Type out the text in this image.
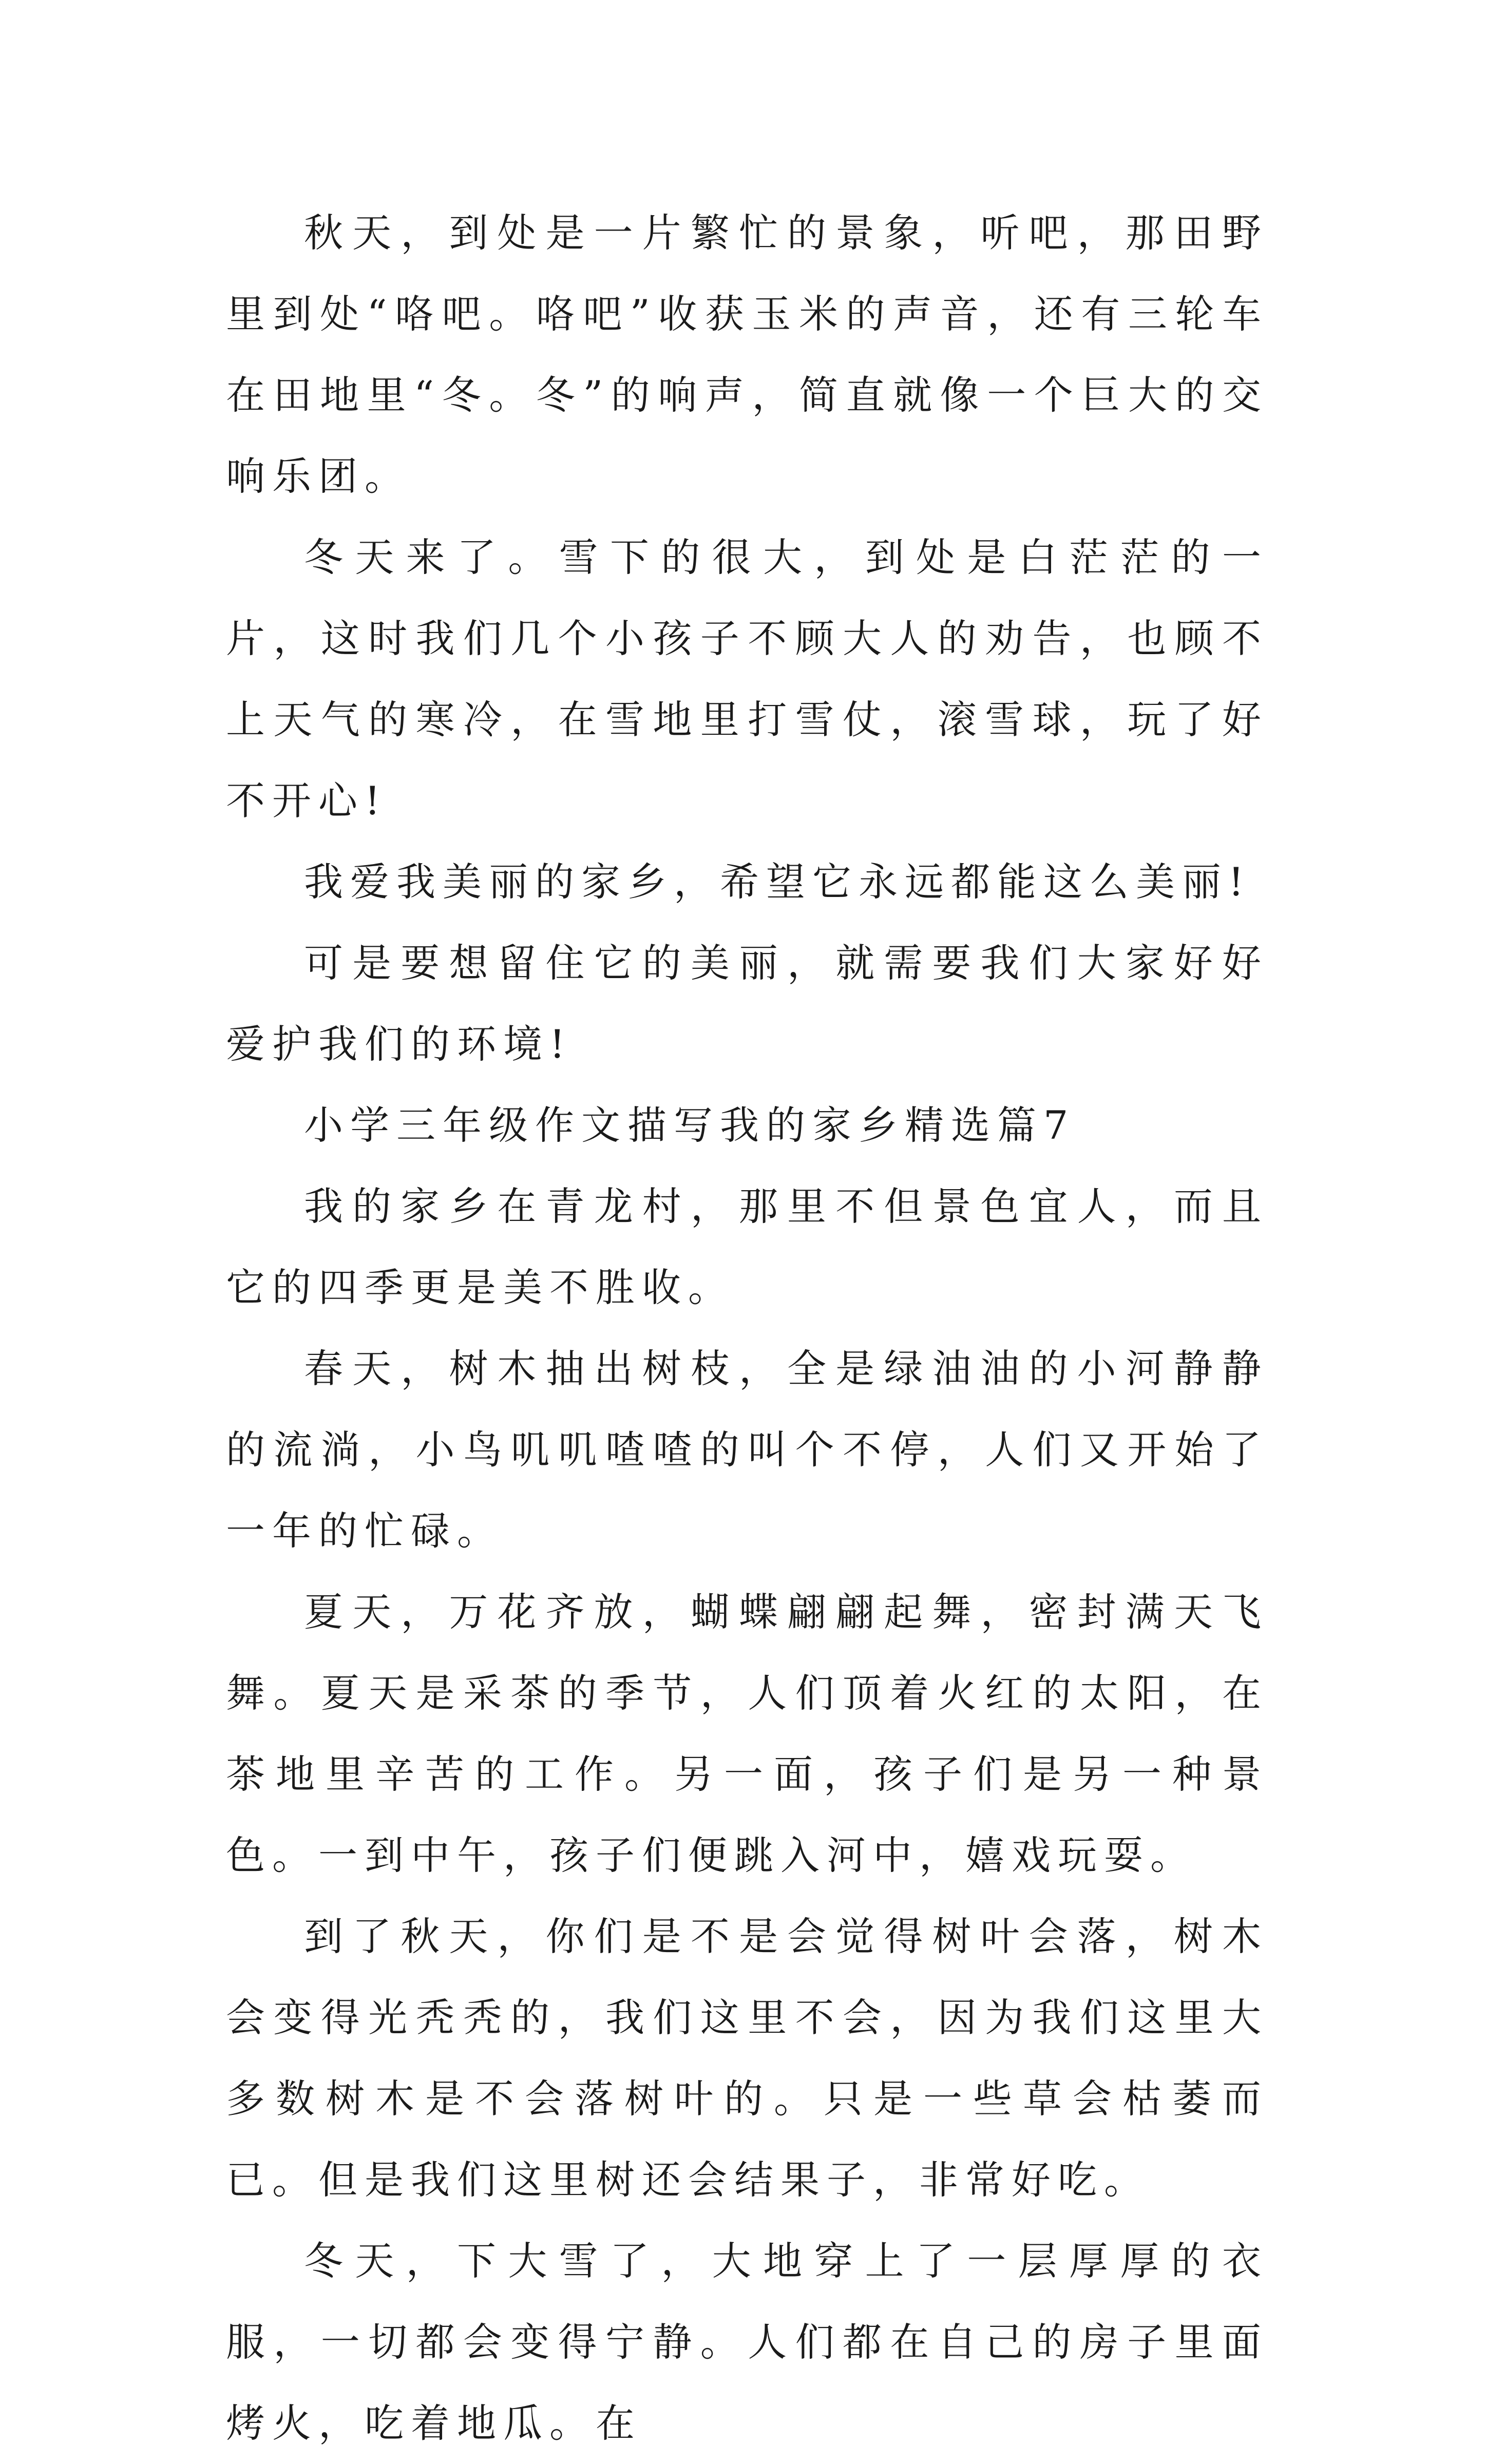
秋天，到处是一片繁忙的景象，听吧，那田野里到处“咯吧。咯吧”收获玉米的声音，还有三轮车在田地里“冬。冬”的响声，简直就像一个巨大的交响乐团。

冬天来了。雪下的很大，到处是白茫茫的一片，这时我们几个小孩子不顾大人的劝告，也顾不上天气的寒冷，在雪地里打雪仗，滚雪球，玩了好不开心!

我爱我美丽的家乡，希望它永远都能这么美丽!

可是要想留住它的美丽，就需要我们大家好好爱护我们的环境!

小学三年级作文描写我的家乡精选篇7

我的家乡在青龙村，那里不但景色宜人，而且它的四季更是美不胜收。

春天，树木抽出树枝，全是绿油油的小河静静的流淌，小鸟叽叽喳喳的叫个不停，人们又开始了一年的忙碌。

夏天，万花齐放，蝴蝶翩翩起舞，密封满天飞舞。夏天是采茶的季节，人们顶着火红的太阳，在茶地里辛苦的工作。另一面，孩子们是另一种景色。一到中午，孩子们便跳入河中，嬉戏玩耍。

到了秋天，你们是不是会觉得树叶会落，树木会变得光秃秃的，我们这里不会，因为我们这里大多数树木是不会落树叶的。只是一些草会枯萎而已。但是我们这里树还会结果子，非常好吃。

冬天，下大雪了，大地穿上了一层厚厚的衣服，一切都会变得宁静。人们都在自己的房子里面烤火，吃着地瓜。在
